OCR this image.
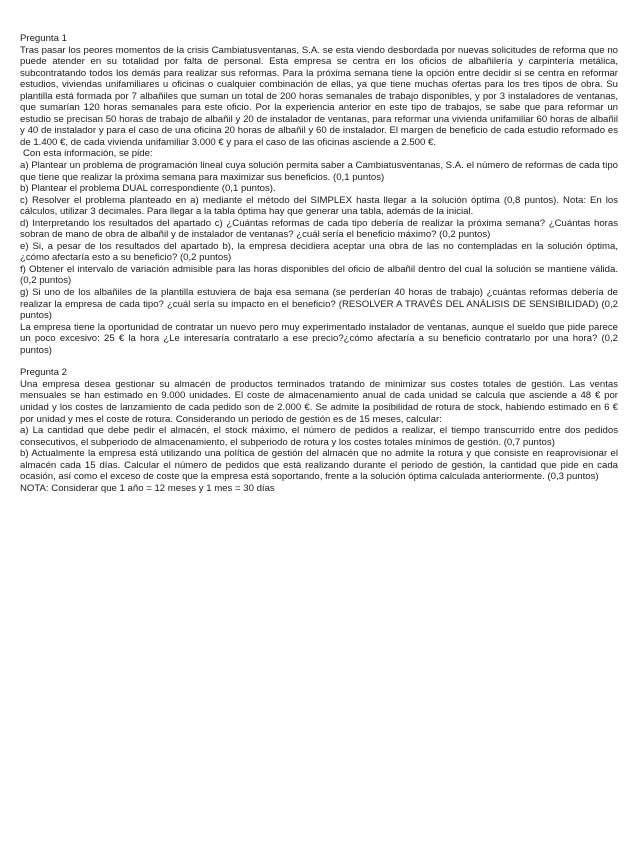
Pregunta 1

Tras pasar los peores momentos de la crisis Cambiatusventanas, S.A. se esta viendo desbordada por nuevas solicitudes de reforma que no puede atender en su totalidad por falta de personal. Esta empresa se centra en los oficios de albañilería y carpintería metálica, subcontratando todos los demás para realizar sus reformas. Para la próxima semana tiene la opción entre decidir si se centra en reformar estudios, viviendas unifamiliares u oficinas o cualquier combinación de ellas, ya que tiene muchas ofertas para los tres tipos de obra. Su plantilla está formada por 7 albañiles que suman un total de 200 horas semanales de trabajo disponibles, y por 3 instaladores de ventanas, que sumarían 120 horas semanales para este oficio. Por la experiencia anterior en este tipo de trabajos, se sabe que para reformar un estudio se precisan 50 horas de trabajo de albañil y 20 de instalador de ventanas, para reformar una vivienda unifamiliar 60 horas de albañil y 40 de instalador y para el caso de una oficina 20 horas de albañil y 60 de instalador. El margen de beneficio de cada estudio reformado es de 1.400 €, de cada vivienda unifamiliar 3.000 € y para el caso de las oficinas asciende a 2.500 €.

Con esta información, se pide:

a) Plantear un problema de programación lineal cuya solución permita saber a Cambiatusventanas, S.A. el número de reformas de cada tipo que tiene que realizar la próxima semana para maximizar sus beneficios. (0,1 puntos)

b) Plantear el problema DUAL correspondiente (0,1 puntos).

c) Resolver el problema planteado en a) mediante el método del SIMPLEX hasta llegar a la solución óptima (0,8 puntos). Nota: En los cálculos, utilizar 3 decimales. Para llegar a la tabla óptima hay que generar una tabla, además de la inicial.

d) Interpretando los resultados del apartado c) ¿Cuántas reformas de cada tipo debería de realizar la próxima semana? ¿Cuántas horas sobran de mano de obra de albañil y de instalador de ventanas? ¿cuál sería el beneficio máximo? (0,2 puntos)

e) Si, a pesar de los resultados del apartado b), la empresa decidiera aceptar una obra de las no contempladas en la solución óptima, ¿cómo afectaría esto a su beneficio? (0,2 puntos)

f) Obtener el intervalo de variación admisible para las horas disponibles del oficio de albañil dentro del cual la solución se mantiene válida. (0,2 puntos)

g) Si uno de los albañiles de la plantilla estuviera de baja esa semana (se perderían 40 horas de trabajo) ¿cuántas reformas debería de realizar la empresa de cada tipo? ¿cuál sería su impacto en el beneficio? (RESOLVER A TRAVÉS DEL ANÁLISIS DE SENSIBILIDAD) (0,2 puntos)

La empresa tiene la oportunidad de contratar un nuevo pero muy experimentado instalador de ventanas, aunque el sueldo que pide parece un poco excesivo: 25 € la hora ¿Le interesaría contratarlo a ese precio?¿cómo afectaría a su beneficio contratarlo por una hora? (0,2 puntos)

Pregunta 2

Una empresa desea gestionar su almacén de productos terminados tratando de minimizar sus costes totales de gestión. Las ventas mensuales se han estimado en 9.000 unidades. El coste de almacenamiento anual de cada unidad se calcula que asciende a 48 € por unidad y los costes de lanzamiento de cada pedido son de 2.000 €. Se admite la posibilidad de rotura de stock, habiendo estimado en 6 € por unidad y mes el coste de rotura. Considerando un periodo de gestión es de 15 meses, calcular:

a) La cantidad que debe pedir el almacén, el stock máximo, el número de pedidos a realizar, el tiempo transcurrido entre dos pedidos consecutivos, el subperiodo de almacenamiento, el subperiodo de rotura y los costes totales mínimos de gestión. (0,7 puntos)

b) Actualmente la empresa está utilizando una política de gestión del almacén que no admite la rotura y que consiste en reaprovisionar el almacén cada 15 días. Calcular el número de pedidos que está realizando durante el periodo de gestión, la cantidad que pide en cada ocasión, así como el exceso de coste que la empresa está soportando, frente a la solución óptima calculada anteriormente. (0,3 puntos)

NOTA: Considerar que 1 año = 12 meses y 1 mes = 30 días
